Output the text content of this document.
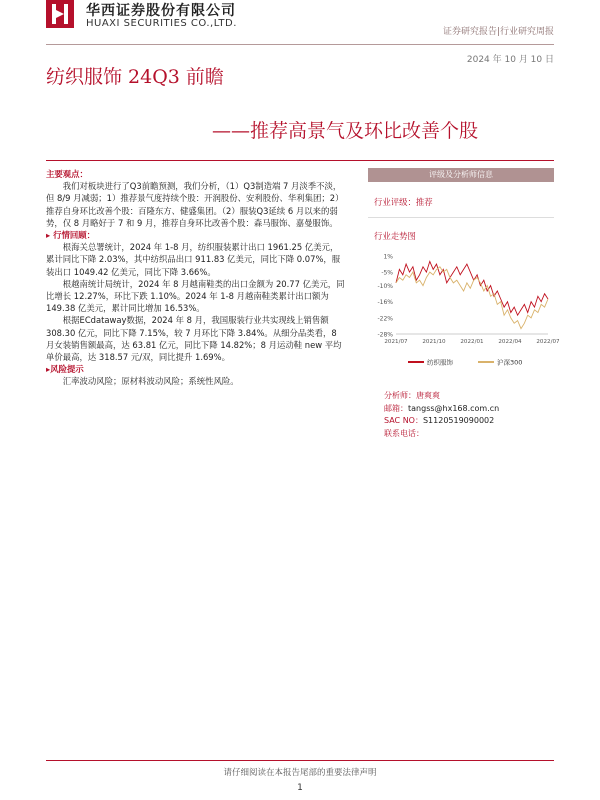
华西证券股份有限公司
HUAXI SECURITIES CO.,LTD.
证券研究报告|行业研究周报
2024 年 10 月 10 日
纺织服饰 24Q3 前瞻
——推荐高景气及环比改善个股
主要观点：

我们对板块进行了Q3前瞻预测，我们分析，（1）Q3制造端 7 月淡季不淡，但 8/9 月减弱；1）推荐景气度持续个股：开润股份、安利股份、华利集团；2）推荐自身环比改善个股：百隆东方、健盛集团。（2）服装Q3延续 6 月以来的弱势，仅 8 月略好于 7 和 9 月，推荐自身环比改善个股：森马服饰、嘉曼服饰。

▸ 行情回顾：

根海关总署统计，2024 年 1-8 月，纺织服装累计出口 1961.25 亿美元，累计同比下降 2.03%，其中纺织品出口 911.83 亿美元，同比下降 0.07%，服装出口 1049.42 亿美元，同比下降 3.66%。

根越南统计局统计，2024 年 8 月越南鞋类的出口金额为 20.77 亿美元，同比增长 12.27%，环比下跌 1.10%。2024 年 1-8 月越南鞋类累计出口额为 149.38 亿美元，累计同比增加 16.53%。

根据ECdataway数据，2024 年 8 月，我国服装行业共实现线上销售额 308.30 亿元，同比下降 7.15%，较 7 月环比下降 3.84%。从细分品类看，8 月女装销售额最高，达 63.81 亿元，同比下降 14.82%；8 月运动鞋 new 平均单价最高，达 318.57 元/双，同比提升 1.69%。

▸风险提示

汇率波动风险；原材料波动风险；系统性风险。

评级及分析师信息
行业评级：推荐
行业走势图
1%
-5%
-10%
-16%
-22%
-28%
2021/07	2021/10	2022/01	2022/04	2022/07
纺织服饰	沪深300
分析师：唐爽爽
邮箱：tangss@hx168.com.cn
SAC NO：S1120519090002
联系电话：
请仔细阅读在本报告尾部的重要法律声明
1
